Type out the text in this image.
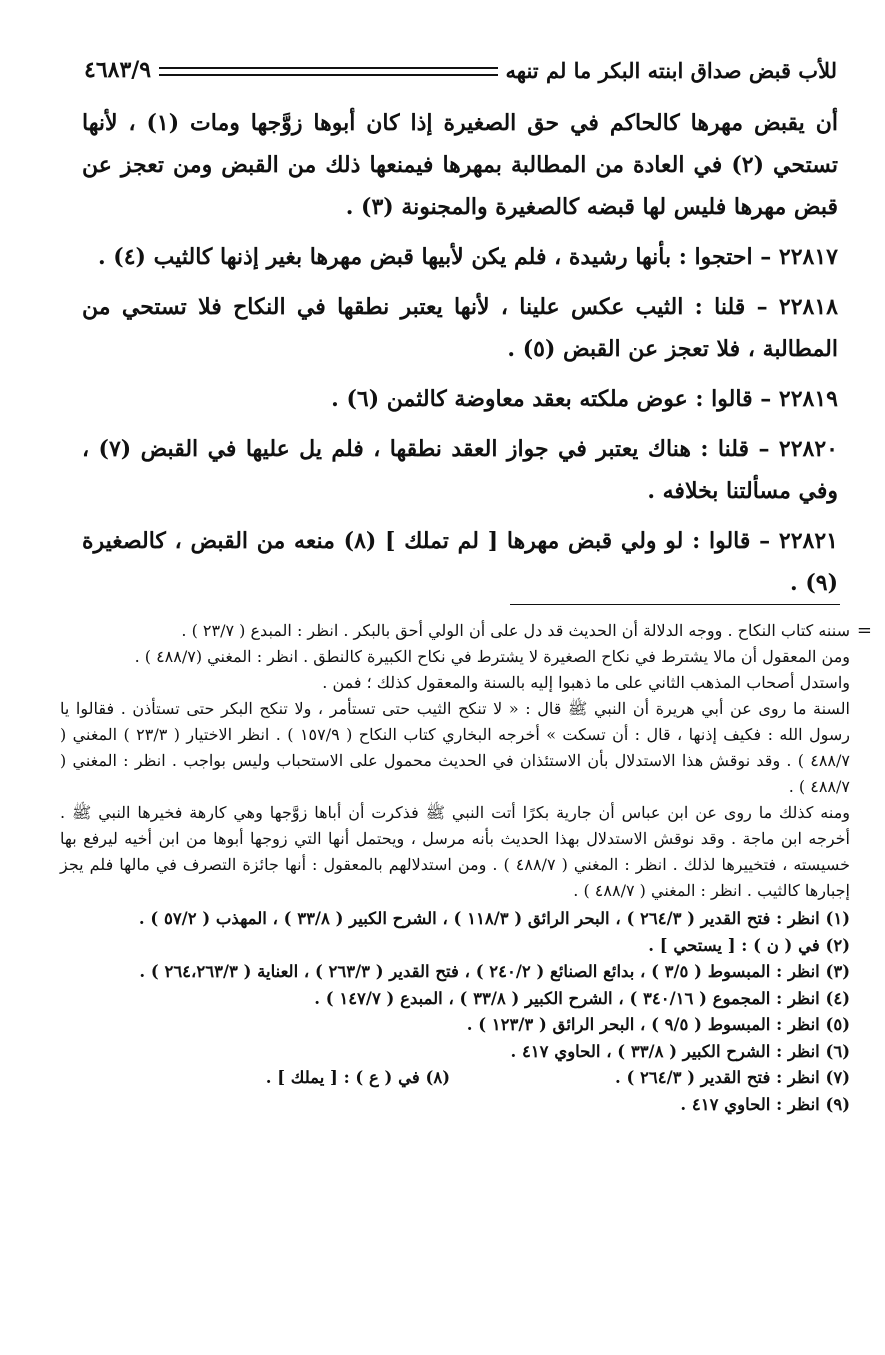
للأب قبض صداق ابنته البكر ما لم تنهه
٤٦٨٣/٩

أن يقبض مهرها كالحاكم في حق الصغيرة إذا كان أبوها زوَّجها ومات (١) ، لأنها تستحي (٢) في العادة من المطالبة بمهرها فيمنعها ذلك من القبض ومن تعجز عن قبض مهرها فليس لها قبضه كالصغيرة والمجنونة (٣) .

٢٢٨١٧ – احتجوا : بأنها رشيدة ، فلم يكن لأبيها قبض مهرها بغير إذنها كالثيب (٤) .

٢٢٨١٨ – قلنا : الثيب عكس علينا ، لأنها يعتبر نطقها في النكاح فلا تستحي من المطالبة ، فلا تعجز عن القبض (٥) .

٢٢٨١٩ – قالوا : عوض ملكته بعقد معاوضة كالثمن (٦) .

٢٢٨٢٠ – قلنا : هناك يعتبر في جواز العقد نطقها ، فلم يل عليها في القبض (٧) ، وفي مسألتنا بخلافه .

٢٢٨٢١ – قالوا : لو ولي قبض مهرها [ لم تملك ] (٨) منعه من القبض ، كالصغيرة (٩) .

=

سننه كتاب النكاح . ووجه الدلالة أن الحديث قد دل على أن الولي أحق بالبكر . انظر : المبدع ( ٢٣/٧ ) .

ومن المعقول أن مالا يشترط في نكاح الصغيرة لا يشترط في نكاح الكبيرة كالنطق . انظر : المغني (٤٨٨/٧ ) .

واستدل أصحاب المذهب الثاني على ما ذهبوا إليه بالسنة والمعقول كذلك ؛ فمن .

السنة ما روى عن أبي هريرة أن النبي ﷺ قال : « لا تنكح الثيب حتى تستأمر ، ولا تنكح البكر حتى تستأذن . فقالوا يا رسول الله : فكيف إذنها ، قال : أن تسكت » أخرجه البخاري كتاب النكاح ( ١٥٧/٩ ) . انظر الاختيار ( ٢٣/٣ ) المغني ( ٤٨٨/٧ ) . وقد نوقش هذا الاستدلال بأن الاستئذان في الحديث محمول على الاستحباب وليس بواجب . انظر : المغني ( ٤٨٨/٧ ) .

ومنه كذلك ما روى عن ابن عباس أن جارية بكرًا أتت النبي ﷺ فذكرت أن أباها زوَّجها وهي كارهة فخيرها النبي ﷺ . أخرجه ابن ماجة . وقد نوقش الاستدلال بهذا الحديث بأنه مرسل ، ويحتمل أنها التي زوجها أبوها من ابن أخيه ليرفع بها خسيسته ، فتخييرها لذلك . انظر : المغني ( ٤٨٨/٧ ) . ومن استدلالهم بالمعقول : أنها جائزة التصرف في مالها فلم يجز إجبارها كالثيب . انظر : المغني ( ٤٨٨/٧ ) .

(١) انظر : فتح القدير ( ٢٦٤/٣ ) ، البحر الرائق ( ١١٨/٣ ) ، الشرح الكبير ( ٣٣/٨ ) ، المهذب ( ٥٧/٢ ) .

(٢) في ( ن ) : [ يستحي ] .

(٣) انظر : المبسوط ( ٣/٥ ) ، بدائع الصنائع ( ٢٤٠/٢ ) ، فتح القدير ( ٢٦٣/٣ ) ، العناية ( ٢٦٤،٢٦٣/٣ ) .

(٤) انظر : المجموع ( ٣٤٠/١٦ ) ، الشرح الكبير ( ٣٣/٨ ) ، المبدع ( ١٤٧/٧ ) .

(٥) انظر : المبسوط ( ٩/٥ ) ، البحر الرائق ( ١٢٣/٣ ) .

(٦) انظر : الشرح الكبير ( ٣٣/٨ ) ، الحاوي ٤١٧ .

(٧) انظر : فتح القدير ( ٢٦٤/٣ ) .

(٨) في ( ع ) : [ يملك ] .

(٩) انظر : الحاوي ٤١٧ .
